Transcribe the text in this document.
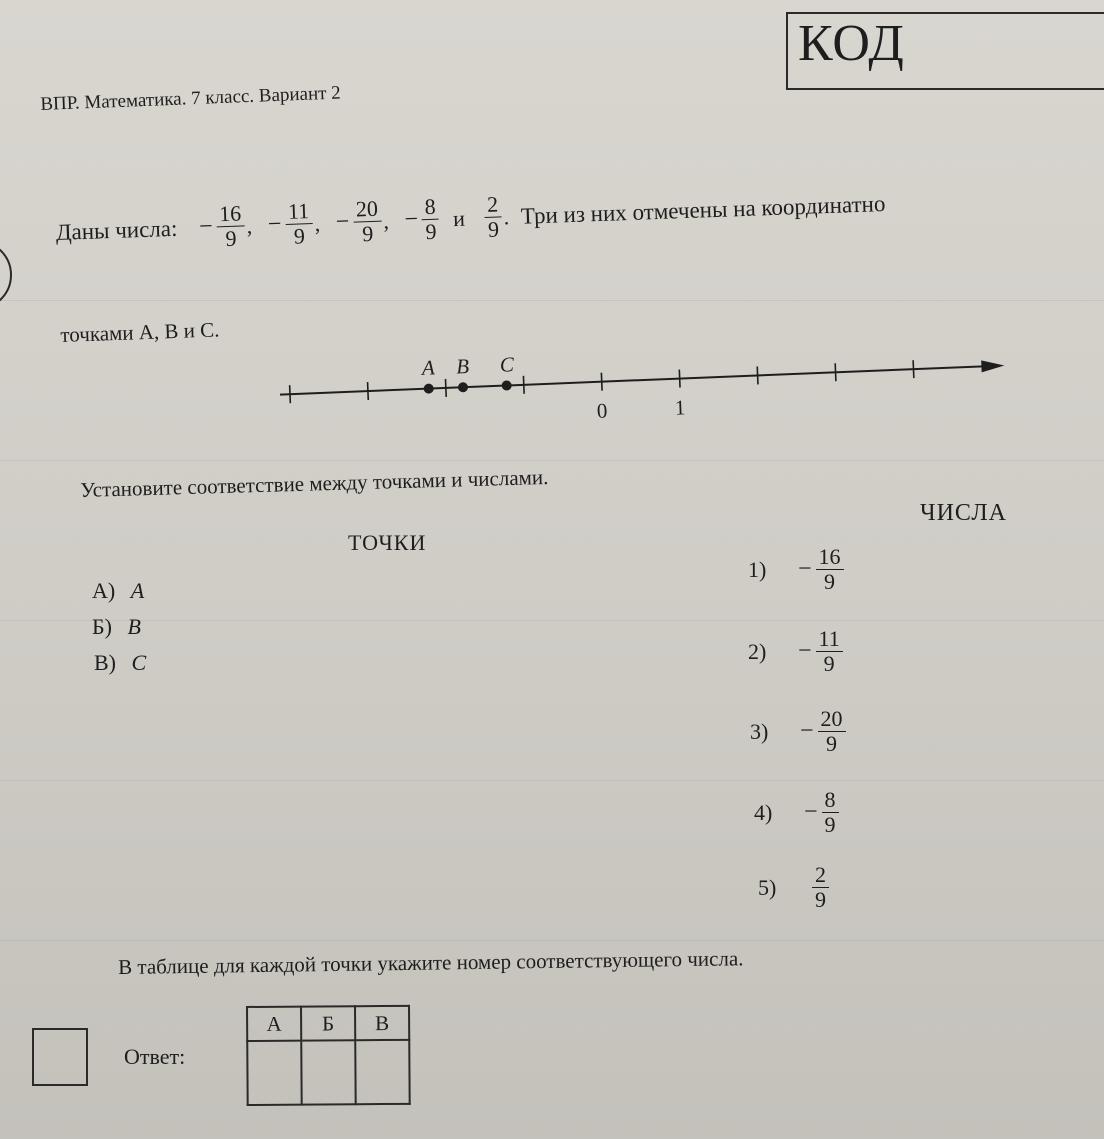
КОД
ВПР. Математика. 7 класс. Вариант 2
Даны числа: − $\frac{16}{9}$ , − $\frac{11}{9}$ , − $\frac{20}{9}$ , − $\frac{8}{9}$ и $\frac{2}{9}$ . Три из них отмечены на координатно
точками A, B и C.
0	1
A B C
Установите соответствие между точками и числами.
ТОЧКИ
ЧИСЛА
А) A
Б) B
В) C
1)	− $\frac{16}{9}$
2)	− $\frac{11}{9}$
3)	− $\frac{20}{9}$
4)	− $\frac{8}{9}$
5)	$\frac{2}{9}$
В таблице для каждой точки укажите номер соответствующего числа.
Ответ:
А	Б	В
